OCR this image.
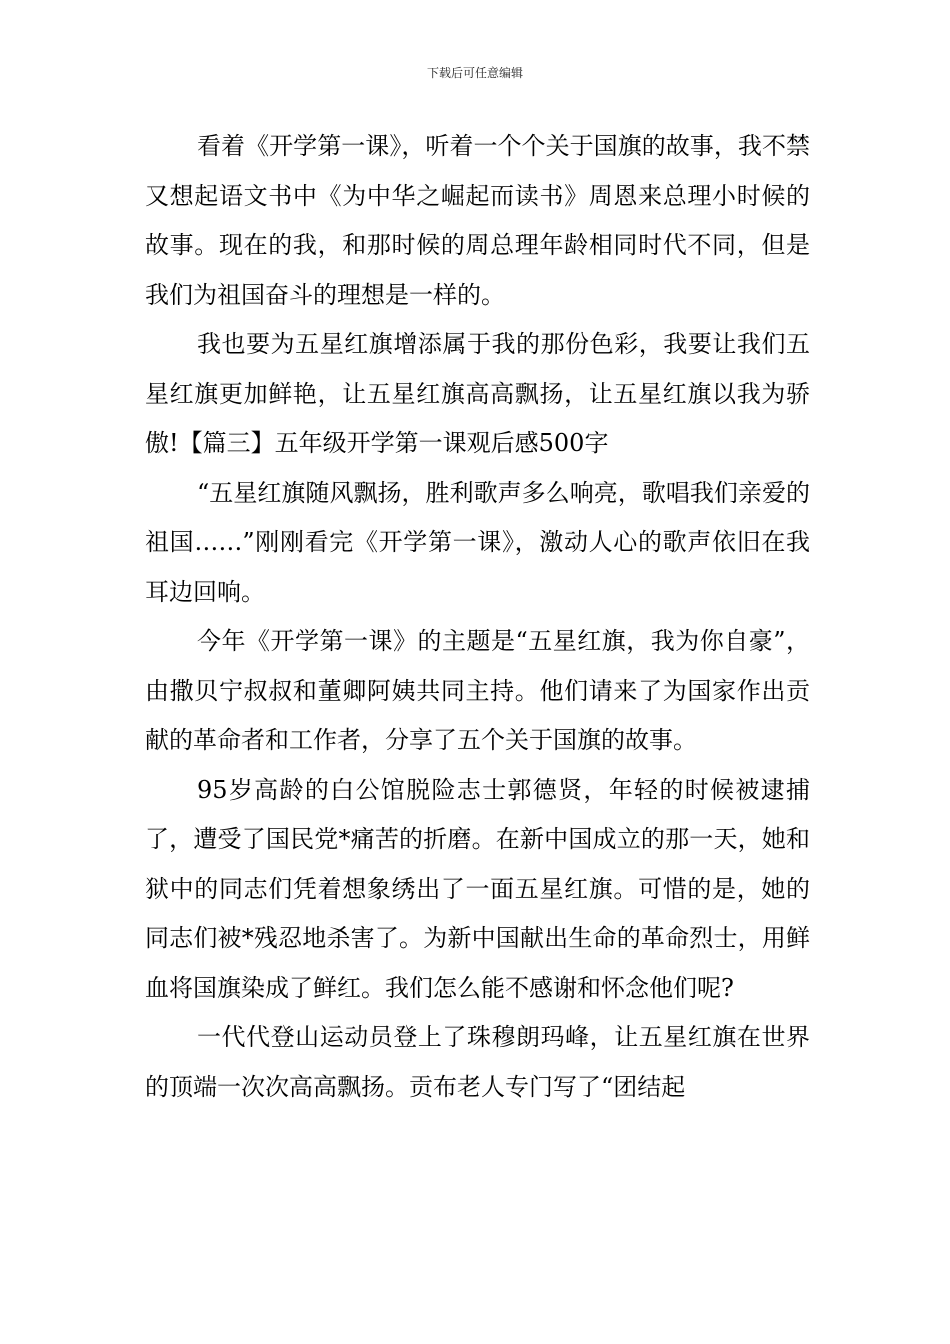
下载后可任意编辑

看着《开学第一课》，听着一个个关于国旗的故事，我不禁又想起语文书中《为中华之崛起而读书》周恩来总理小时候的故事。现在的我，和那时候的周总理年龄相同时代不同，但是我们为祖国奋斗的理想是一样的。

我也要为五星红旗增添属于我的那份色彩，我要让我们五星红旗更加鲜艳，让五星红旗高高飘扬，让五星红旗以我为骄傲!【篇三】五年级开学第一课观后感500字

“五星红旗随风飘扬，胜利歌声多么响亮，歌唱我们亲爱的祖国……”刚刚看完《开学第一课》，激动人心的歌声依旧在我耳边回响。

今年《开学第一课》的主题是“五星红旗，我为你自豪”，由撒贝宁叔叔和董卿阿姨共同主持。他们请来了为国家作出贡献的革命者和工作者，分享了五个关于国旗的故事。

95岁高龄的白公馆脱险志士郭德贤，年轻的时候被逮捕了，遭受了国民党*痛苦的折磨。在新中国成立的那一天，她和狱中的同志们凭着想象绣出了一面五星红旗。可惜的是，她的同志们被*残忍地杀害了。为新中国献出生命的革命烈士，用鲜血将国旗染成了鲜红。我们怎么能不感谢和怀念他们呢?

一代代登山运动员登上了珠穆朗玛峰，让五星红旗在世界的顶端一次次高高飘扬。贡布老人专门写了“团结起
